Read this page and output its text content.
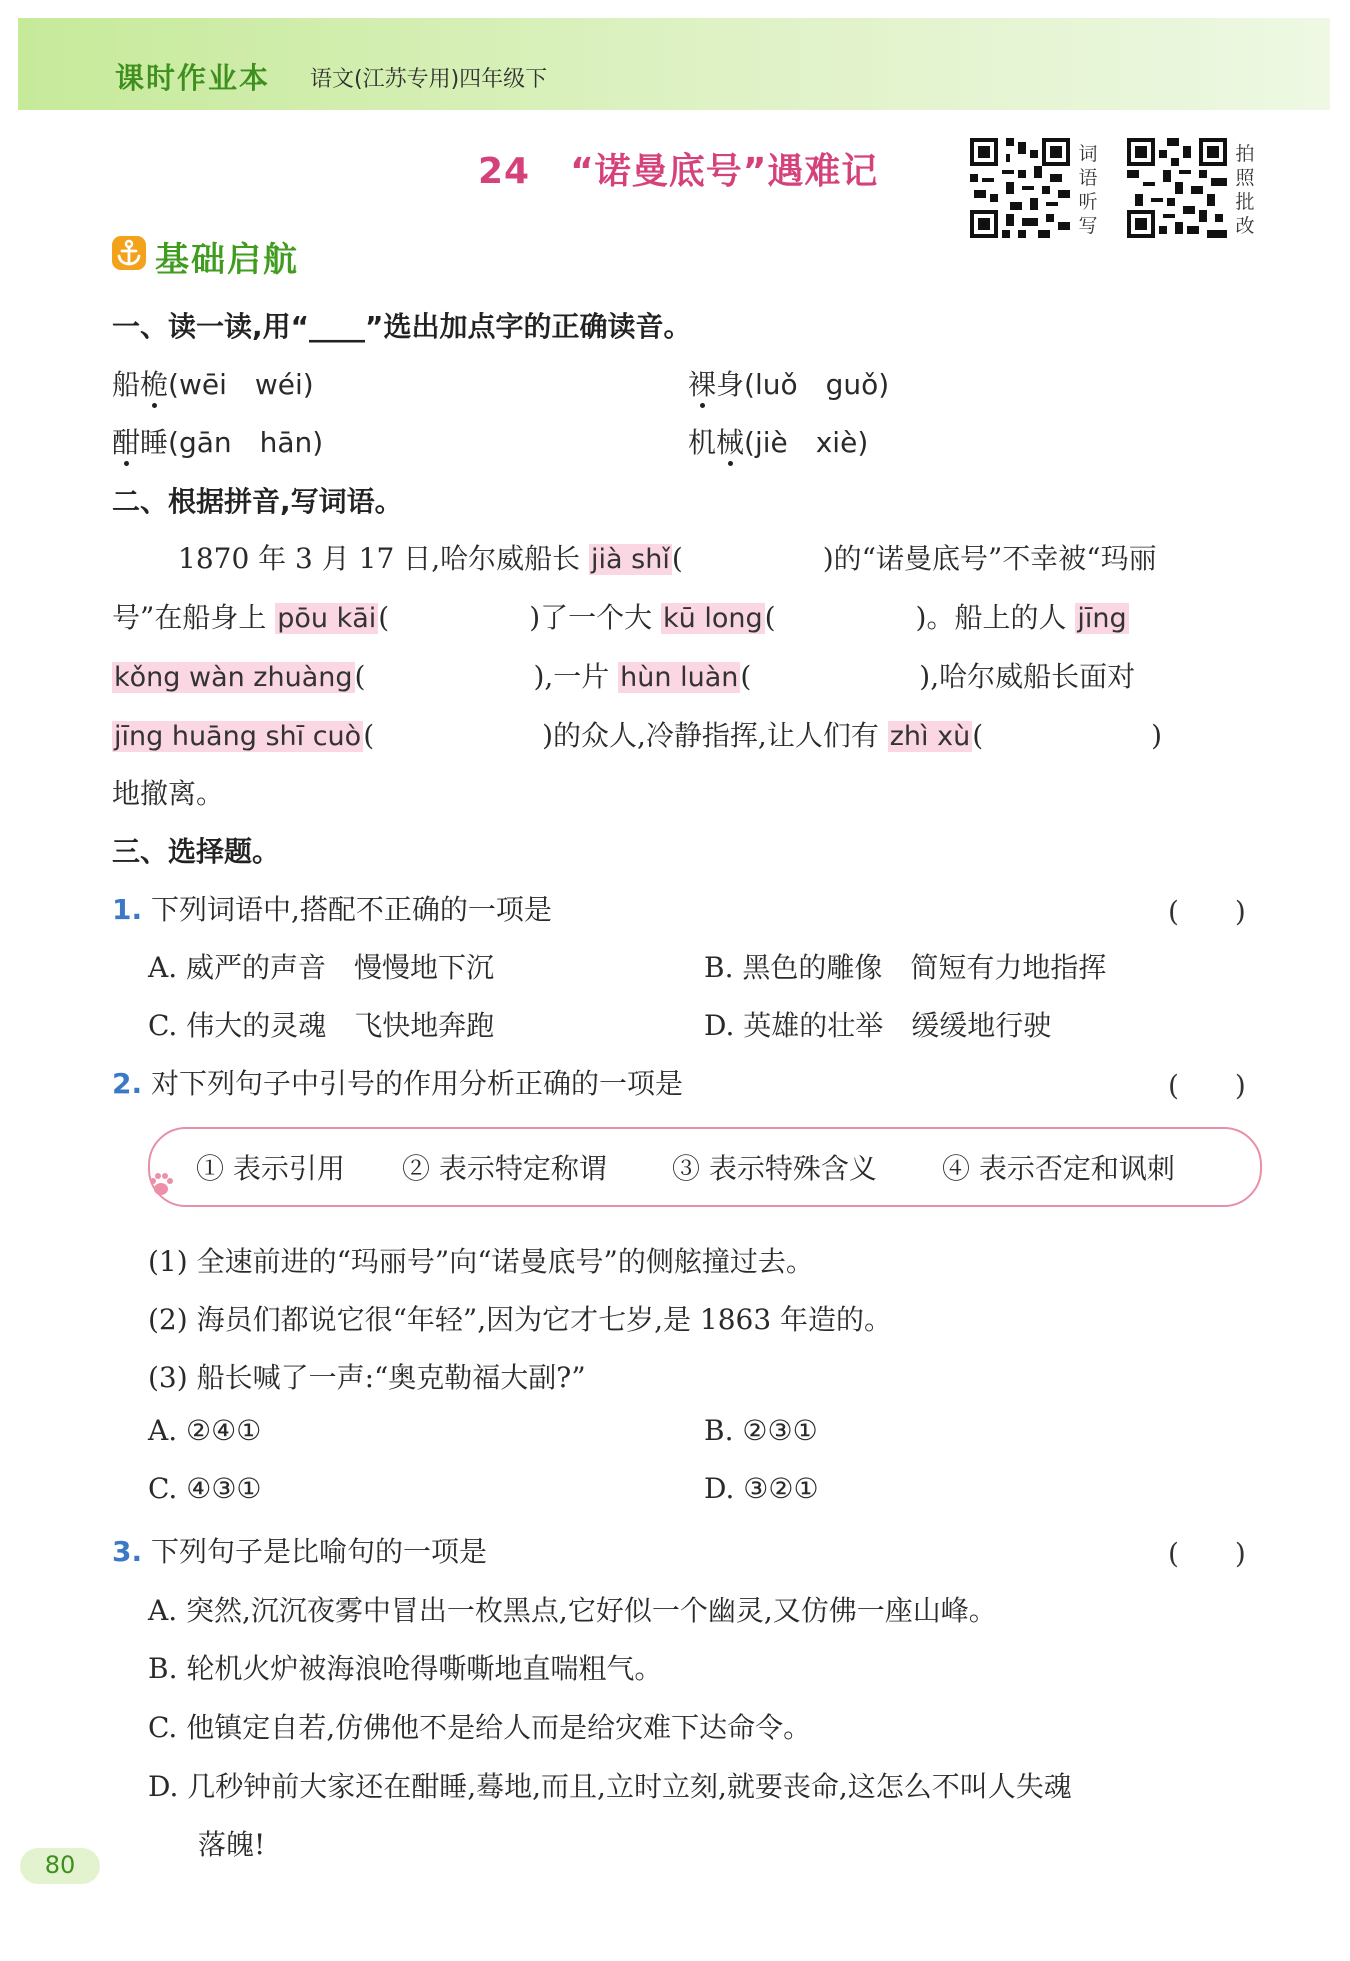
课时作业本 语文(江苏专用)四年级下
24 “诺曼底号”遇难记	词
语
听
写
拍
照
批
改
基础启航
一、读一读,用“____”选出加点字的正确读音。
船桅(wēi　wéi)	裸身(luǒ　guǒ)
酣睡(gān　hān)	机械(jiè　xiè)
二、根据拼音,写词语。
1870 年 3 月 17 日,哈尔威船长 jià shǐ(　　　　　)的“诺曼底号”不幸被“玛丽
号”在船身上 pōu kāi(　　　　　)了一个大 kū long(　　　　　)。船上的人 jīng
kǒng wàn zhuàng(　　　　　　),一片 hùn luàn(　　　　　　),哈尔威船长面对
jīng huāng shī cuò(　　　　　　)的众人,冷静指挥,让人们有 zhì xù(　　　　　　)
地撤离。
三、选择题。
1. 下列词语中,搭配不正确的一项是	(　　)
A. 威严的声音　慢慢地下沉	B. 黑色的雕像　简短有力地指挥
C. 伟大的灵魂　飞快地奔跑	D. 英雄的壮举　缓缓地行驶
2. 对下列句子中引号的作用分析正确的一项是	(　　)
① 表示引用 ② 表示特定称谓 ③ 表示特殊含义 ④ 表示否定和讽刺
(1) 全速前进的“玛丽号”向“诺曼底号”的侧舷撞过去。
(2) 海员们都说它很“年轻”,因为它才七岁,是 1863 年造的。
(3) 船长喊了一声:“奥克勒福大副?”
A. ②④①	B. ②③①
C. ④③①	D. ③②①
3. 下列句子是比喻句的一项是	(　　)
A. 突然,沉沉夜雾中冒出一枚黑点,它好似一个幽灵,又仿佛一座山峰。
B. 轮机火炉被海浪呛得嘶嘶地直喘粗气。
C. 他镇定自若,仿佛他不是给人而是给灾难下达命令。
D. 几秒钟前大家还在酣睡,蓦地,而且,立时立刻,就要丧命,这怎么不叫人失魂
落魄!
80
